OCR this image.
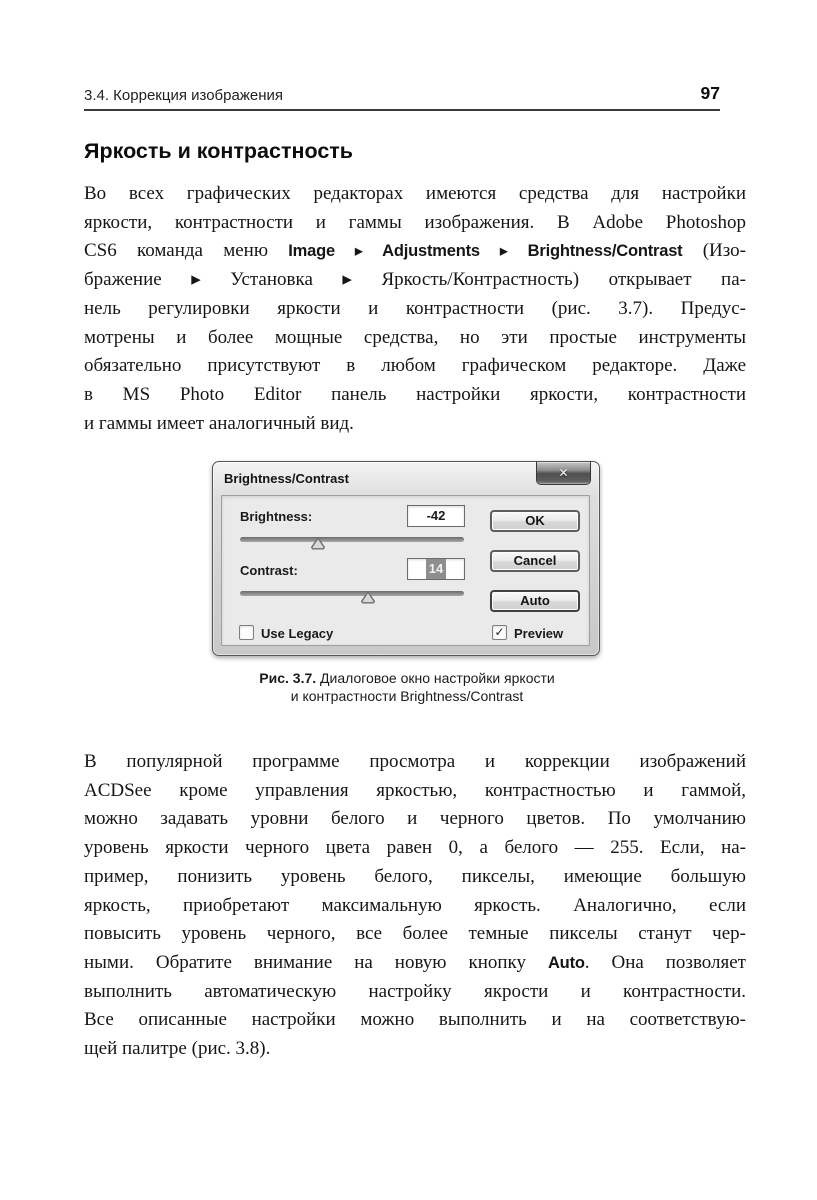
3.4. Коррекция изображения	97
Яркость и контрастность
Во всех графических редакторах имеются средства для настройки
яркости, контрастности и гаммы изображения. В Adobe Photoshop
CS6 команда меню Image ▸ Adjustments ▸ Brightness/Contrast (Изо-
бражение ▸ Установка ▸ Яркость/Контрастность) открывает па-
нель регулировки яркости и контрастности (рис. 3.7). Предус-
мотрены и более мощные средства, но эти простые инструменты
обязательно присутствуют в любом графическом редакторе. Даже
в MS Photo Editor панель настройки яркости, контрастности
и гаммы имеет аналогичный вид.
Brightness/Contrast	✕
Brightness:	-42	OK
Contrast:	14
Cancel
Auto
Use Legacy	✓ Preview
Рис. 3.7. Диалоговое окно настройки яркости
и контрастности Brightness/Contrast
В популярной программе просмотра и коррекции изображений
ACDSee кроме управления яркостью, контрастностью и гаммой,
можно задавать уровни белого и черного цветов. По умолчанию
уровень яркости черного цвета равен 0, а белого — 255. Если, на-
пример, понизить уровень белого, пикселы, имеющие большую
яркость, приобретают максимальную яркость. Аналогично, если
повысить уровень черного, все более темные пикселы станут чер-
ными. Обратите внимание на новую кнопку Auto. Она позволяет
выполнить автоматическую настройку якрости и контрастности.
Все описанные настройки можно выполнить и на соответствую-
щей палитре (рис. 3.8).
